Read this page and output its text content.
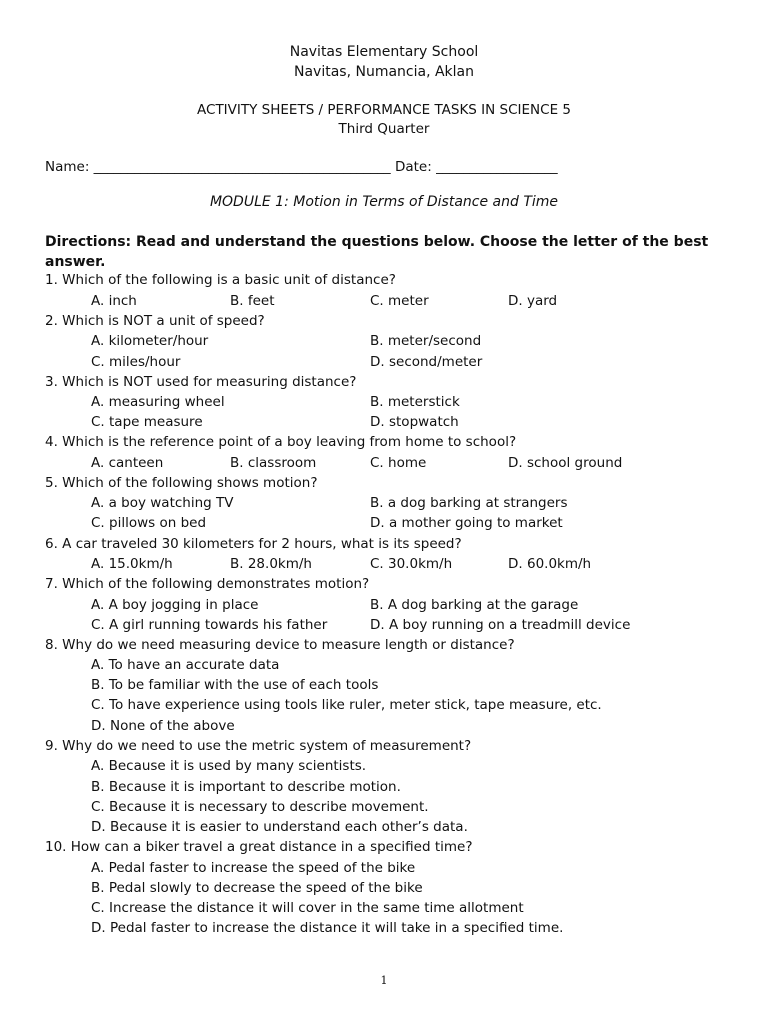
Navitas Elementary School
Navitas, Numancia, Aklan
ACTIVITY SHEETS / PERFORMANCE TASKS IN SCIENCE 5
Third Quarter
Name: ____________________________________________ Date: __________________
MODULE 1: Motion in Terms of Distance and Time
Directions: Read and understand the questions below. Choose the letter of the best answer.
1. Which of the following is a basic unit of distance?
A. inch	B. feet	C. meter	D. yard
2. Which is NOT a unit of speed?
A. kilometer/hour	B. meter/second
C. miles/hour	D. second/meter
3. Which is NOT used for measuring distance?
A. measuring wheel	B. meterstick
C. tape measure	D. stopwatch
4. Which is the reference point of a boy leaving from home to school?
A. canteen	B. classroom	C. home	D. school ground
5. Which of the following shows motion?
A. a boy watching TV	B. a dog barking at strangers
C. pillows on bed	D. a mother going to market
6. A car traveled 30 kilometers for 2 hours, what is its speed?
A. 15.0km/h	B. 28.0km/h	C. 30.0km/h	D. 60.0km/h
7. Which of the following demonstrates motion?
A. A boy jogging in place	B. A dog barking at the garage
C. A girl running towards his father	D. A boy running on a treadmill device
8. Why do we need measuring device to measure length or distance?
A. To have an accurate data
B. To be familiar with the use of each tools
C. To have experience using tools like ruler, meter stick, tape measure, etc.
D. None of the above
9. Why do we need to use the metric system of measurement?
A. Because it is used by many scientists.
B. Because it is important to describe motion.
C. Because it is necessary to describe movement.
D. Because it is easier to understand each other’s data.
10. How can a biker travel a great distance in a specified time?
A. Pedal faster to increase the speed of the bike
B. Pedal slowly to decrease the speed of the bike
C. Increase the distance it will cover in the same time allotment
D. Pedal faster to increase the distance it will take in a specified time.
1
